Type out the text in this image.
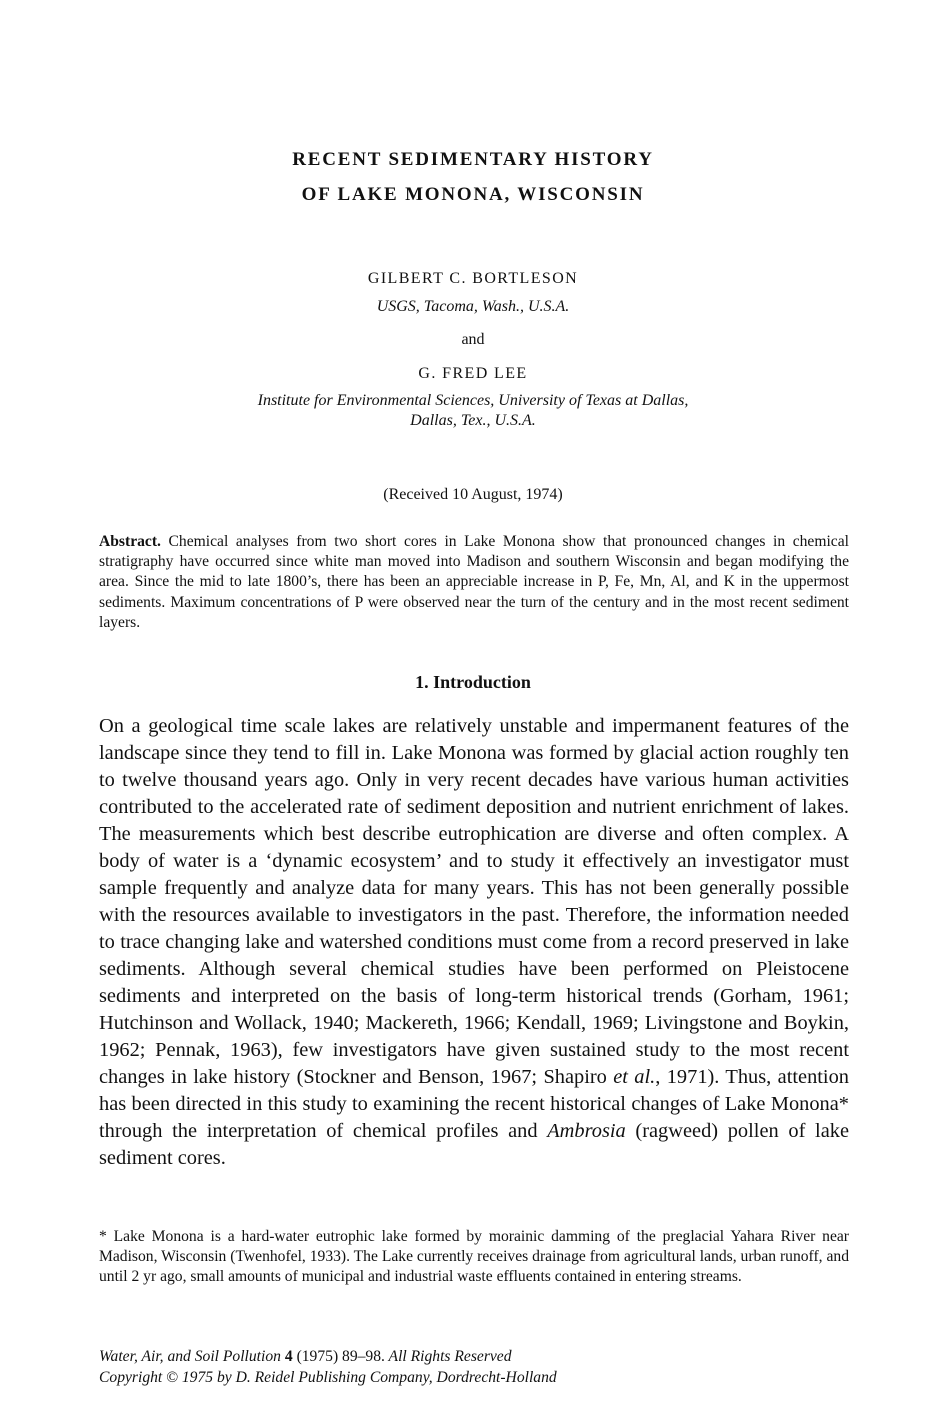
RECENT SEDIMENTARY HISTORY
OF LAKE MONONA, WISCONSIN
GILBERT C. BORTLESON
USGS, Tacoma, Wash., U.S.A.
and
G. FRED LEE
Institute for Environmental Sciences, University of Texas at Dallas,
Dallas, Tex., U.S.A.
(Received 10 August, 1974)
Abstract. Chemical analyses from two short cores in Lake Monona show that pronounced changes in chemical stratigraphy have occurred since white man moved into Madison and southern Wisconsin and began modifying the area. Since the mid to late 1800’s, there has been an appreciable increase in P, Fe, Mn, Al, and K in the uppermost sediments. Maximum concentrations of P were observed near the turn of the century and in the most recent sediment layers.
1. Introduction
On a geological time scale lakes are relatively unstable and impermanent features of the landscape since they tend to fill in. Lake Monona was formed by glacial action roughly ten to twelve thousand years ago. Only in very recent decades have various human activities contributed to the accelerated rate of sediment deposition and nutrient enrichment of lakes. The measurements which best describe eutrophication are diverse and often complex. A body of water is a ‘dynamic ecosystem’ and to study it effectively an investigator must sample frequently and analyze data for many years. This has not been generally possible with the resources available to investigators in the past. Therefore, the information needed to trace changing lake and watershed conditions must come from a record preserved in lake sediments. Although several chemical studies have been performed on Pleistocene sediments and interpreted on the basis of long-term historical trends (Gorham, 1961; Hutchinson and Wollack, 1940; Mackereth, 1966; Kendall, 1969; Livingstone and Boykin, 1962; Pennak, 1963), few investigators have given sustained study to the most recent changes in lake history (Stockner and Benson, 1967; Shapiro et al., 1971). Thus, attention has been directed in this study to examining the recent historical changes of Lake Monona* through the interpretation of chemical profiles and Ambrosia (ragweed) pollen of lake sediment cores.
* Lake Monona is a hard-water eutrophic lake formed by morainic damming of the preglacial Yahara River near Madison, Wisconsin (Twenhofel, 1933). The Lake currently receives drainage from agricultural lands, urban runoff, and until 2 yr ago, small amounts of municipal and industrial waste effluents contained in entering streams.
Water, Air, and Soil Pollution 4 (1975) 89–98. All Rights Reserved
Copyright © 1975 by D. Reidel Publishing Company, Dordrecht-Holland
